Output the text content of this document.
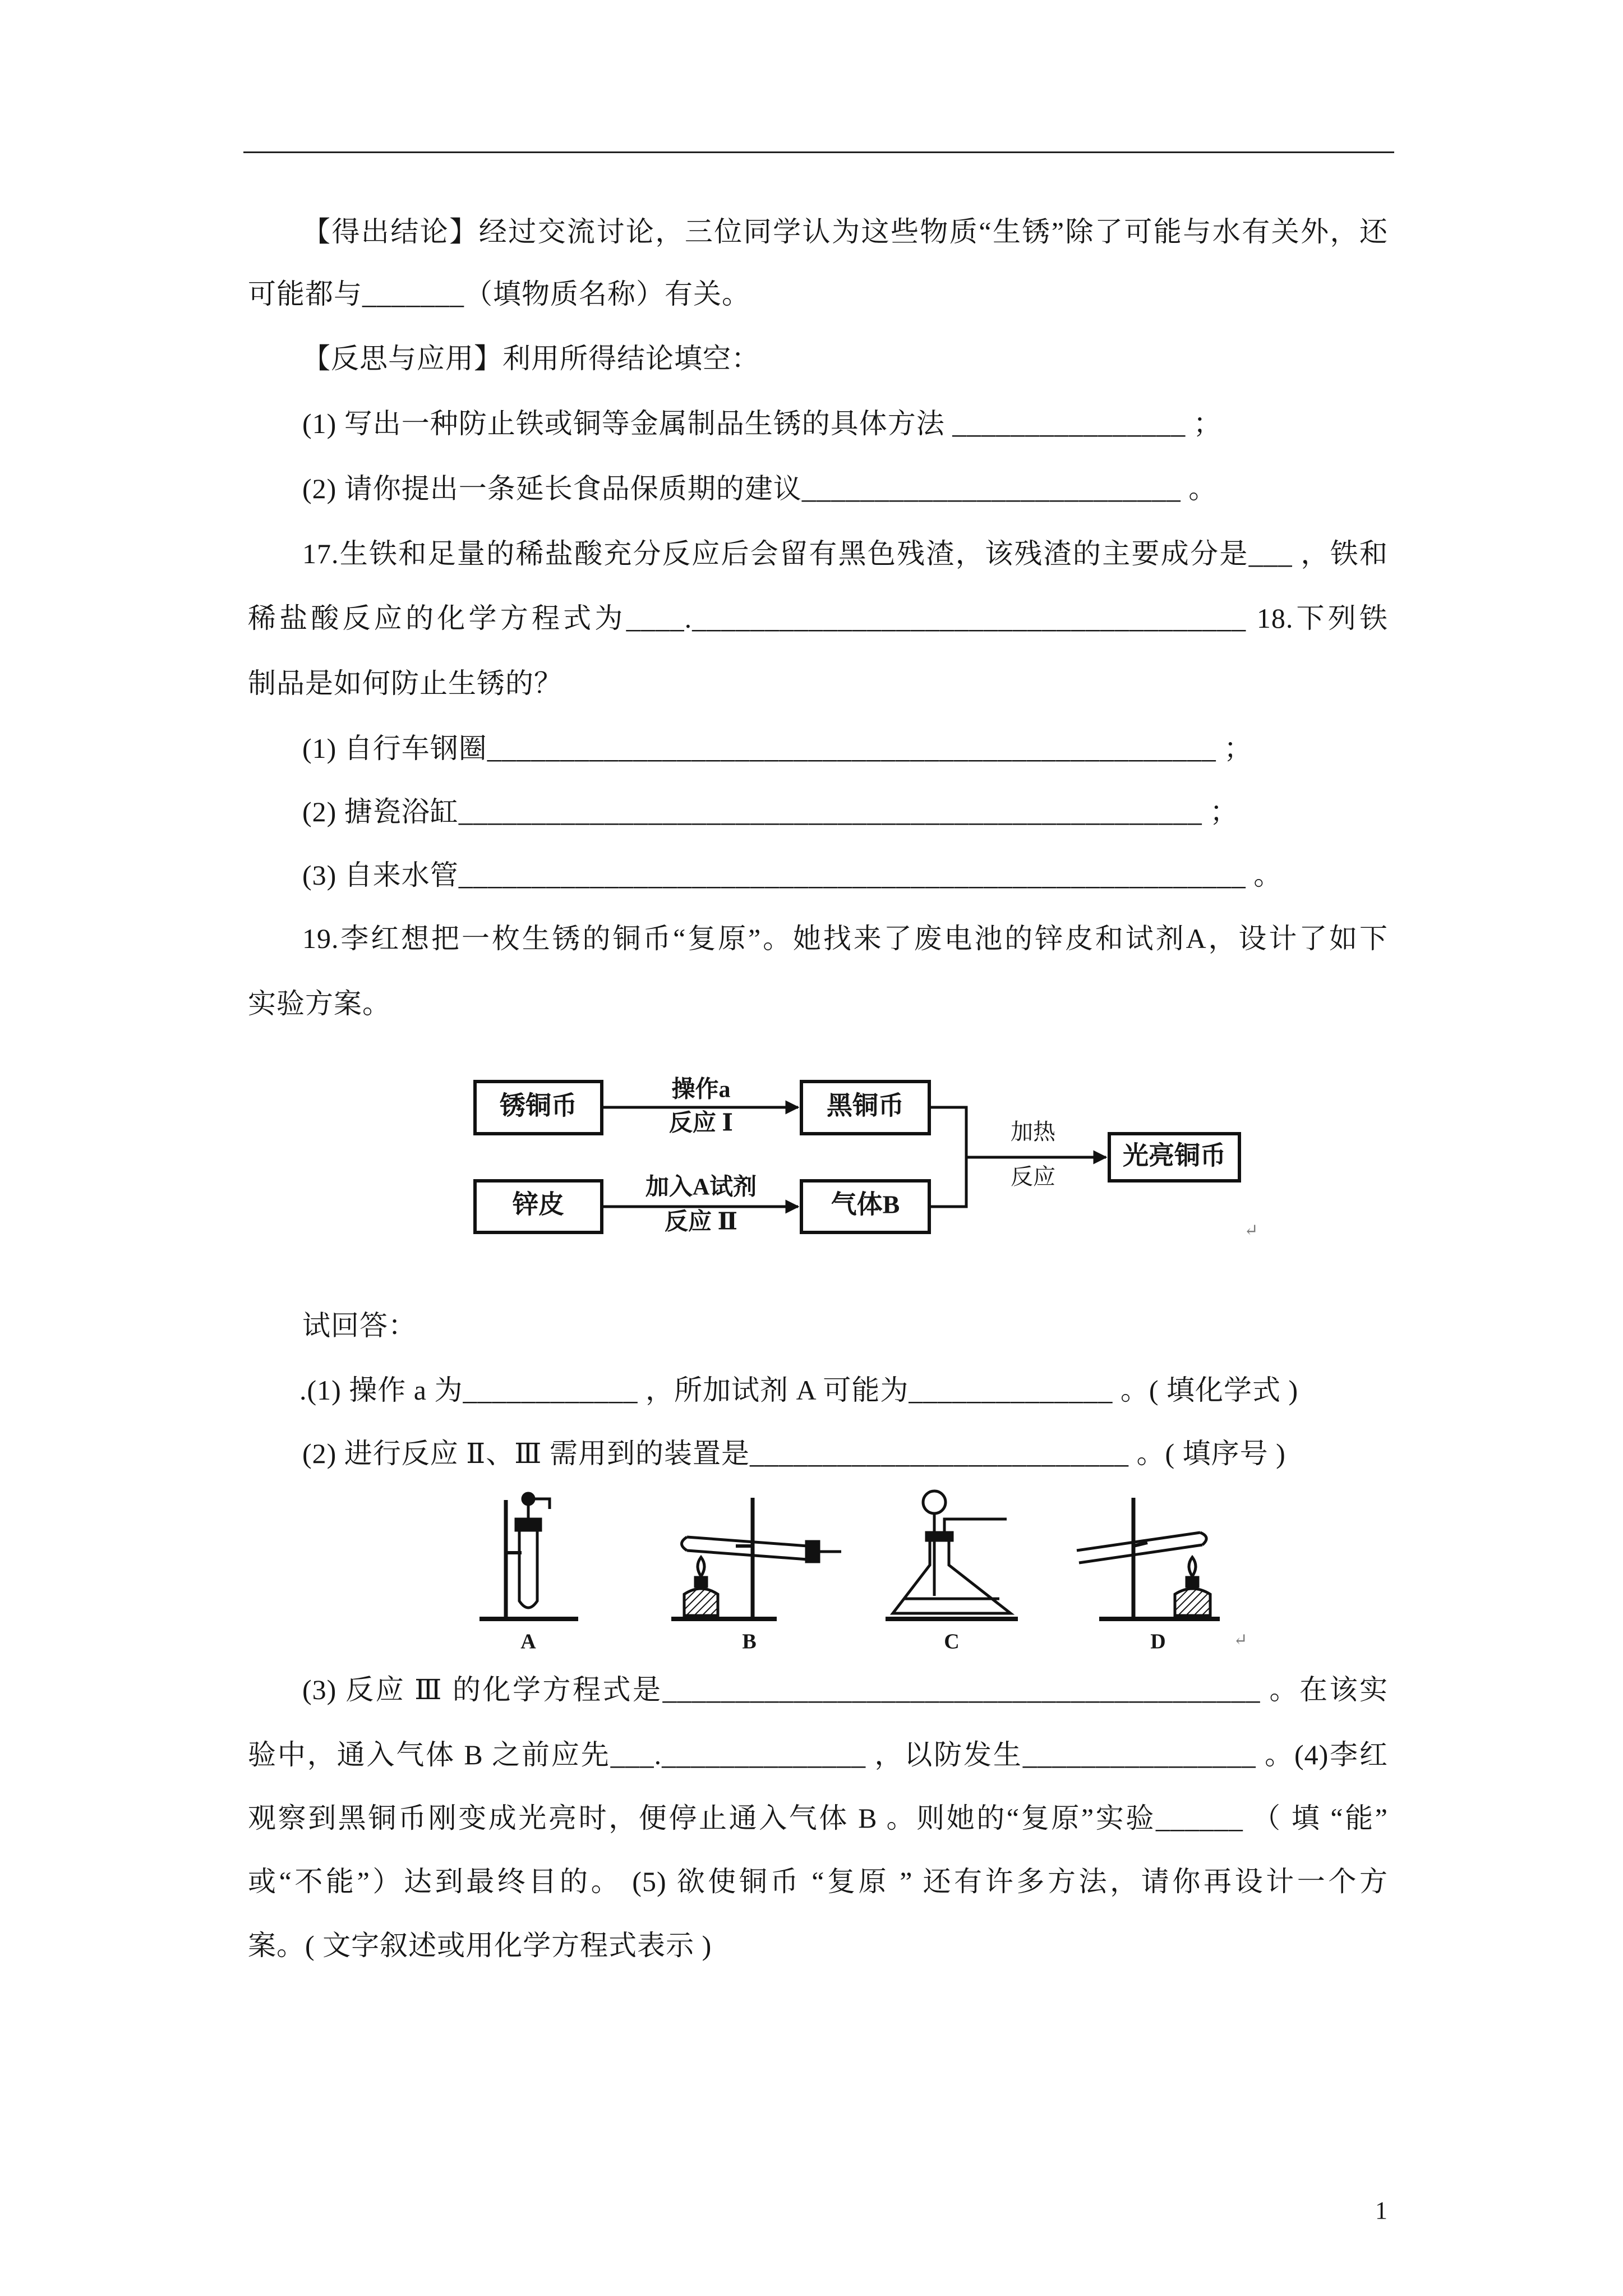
【得出结论】经过交流讨论，三位同学认为这些物质“生锈”除了可能与水有关外，还
可能都与_______（填物质名称）有关。
【反思与应用】利用所得结论填空：
(1) 写出一种防止铁或铜等金属制品生锈的具体方法 ________________ ；
(2) 请你提出一条延长食品保质期的建议__________________________ 。
17.生铁和足量的稀盐酸充分反应后会留有黑色残渣，该残渣的主要成分是___ ，铁和
稀盐酸反应的化学方程式为____.______________________________________ 18.下列铁
制品是如何防止生锈的？
(1) 自行车钢圈__________________________________________________ ；
(2) 搪瓷浴缸___________________________________________________ ；
(3) 自来水管______________________________________________________ 。
19.李红想把一枚生锈的铜币“复原”。她找来了废电池的锌皮和试剂A，设计了如下
实验方案。
锈铜币	黑铜币
锌皮	气体B
光亮铜币
操作a
反应 Ⅰ
加入A试剂
反应 Ⅱ
加热
反应
↵
试回答：
.(1) 操作 a 为____________ ，所加试剂 A 可能为______________ 。( 填化学式 )
(2) 进行反应 Ⅱ、Ⅲ 需用到的装置是__________________________ 。( 填序号 )
A	B	C	D	↵
(3) 反应 Ⅲ 的化学方程式是_________________________________________ 。在该实
验中，通入气体 B 之前应先___.______________ ，以防发生________________ 。(4)李红
观察到黑铜币刚变成光亮时，便停止通入气体 B 。则她的“复原”实验______ （ 填 “能”
或“不能”）达到最终目的。 (5) 欲使铜币 “复原 ” 还有许多方法，请你再设计一个方
案。( 文字叙述或用化学方程式表示 )
1
